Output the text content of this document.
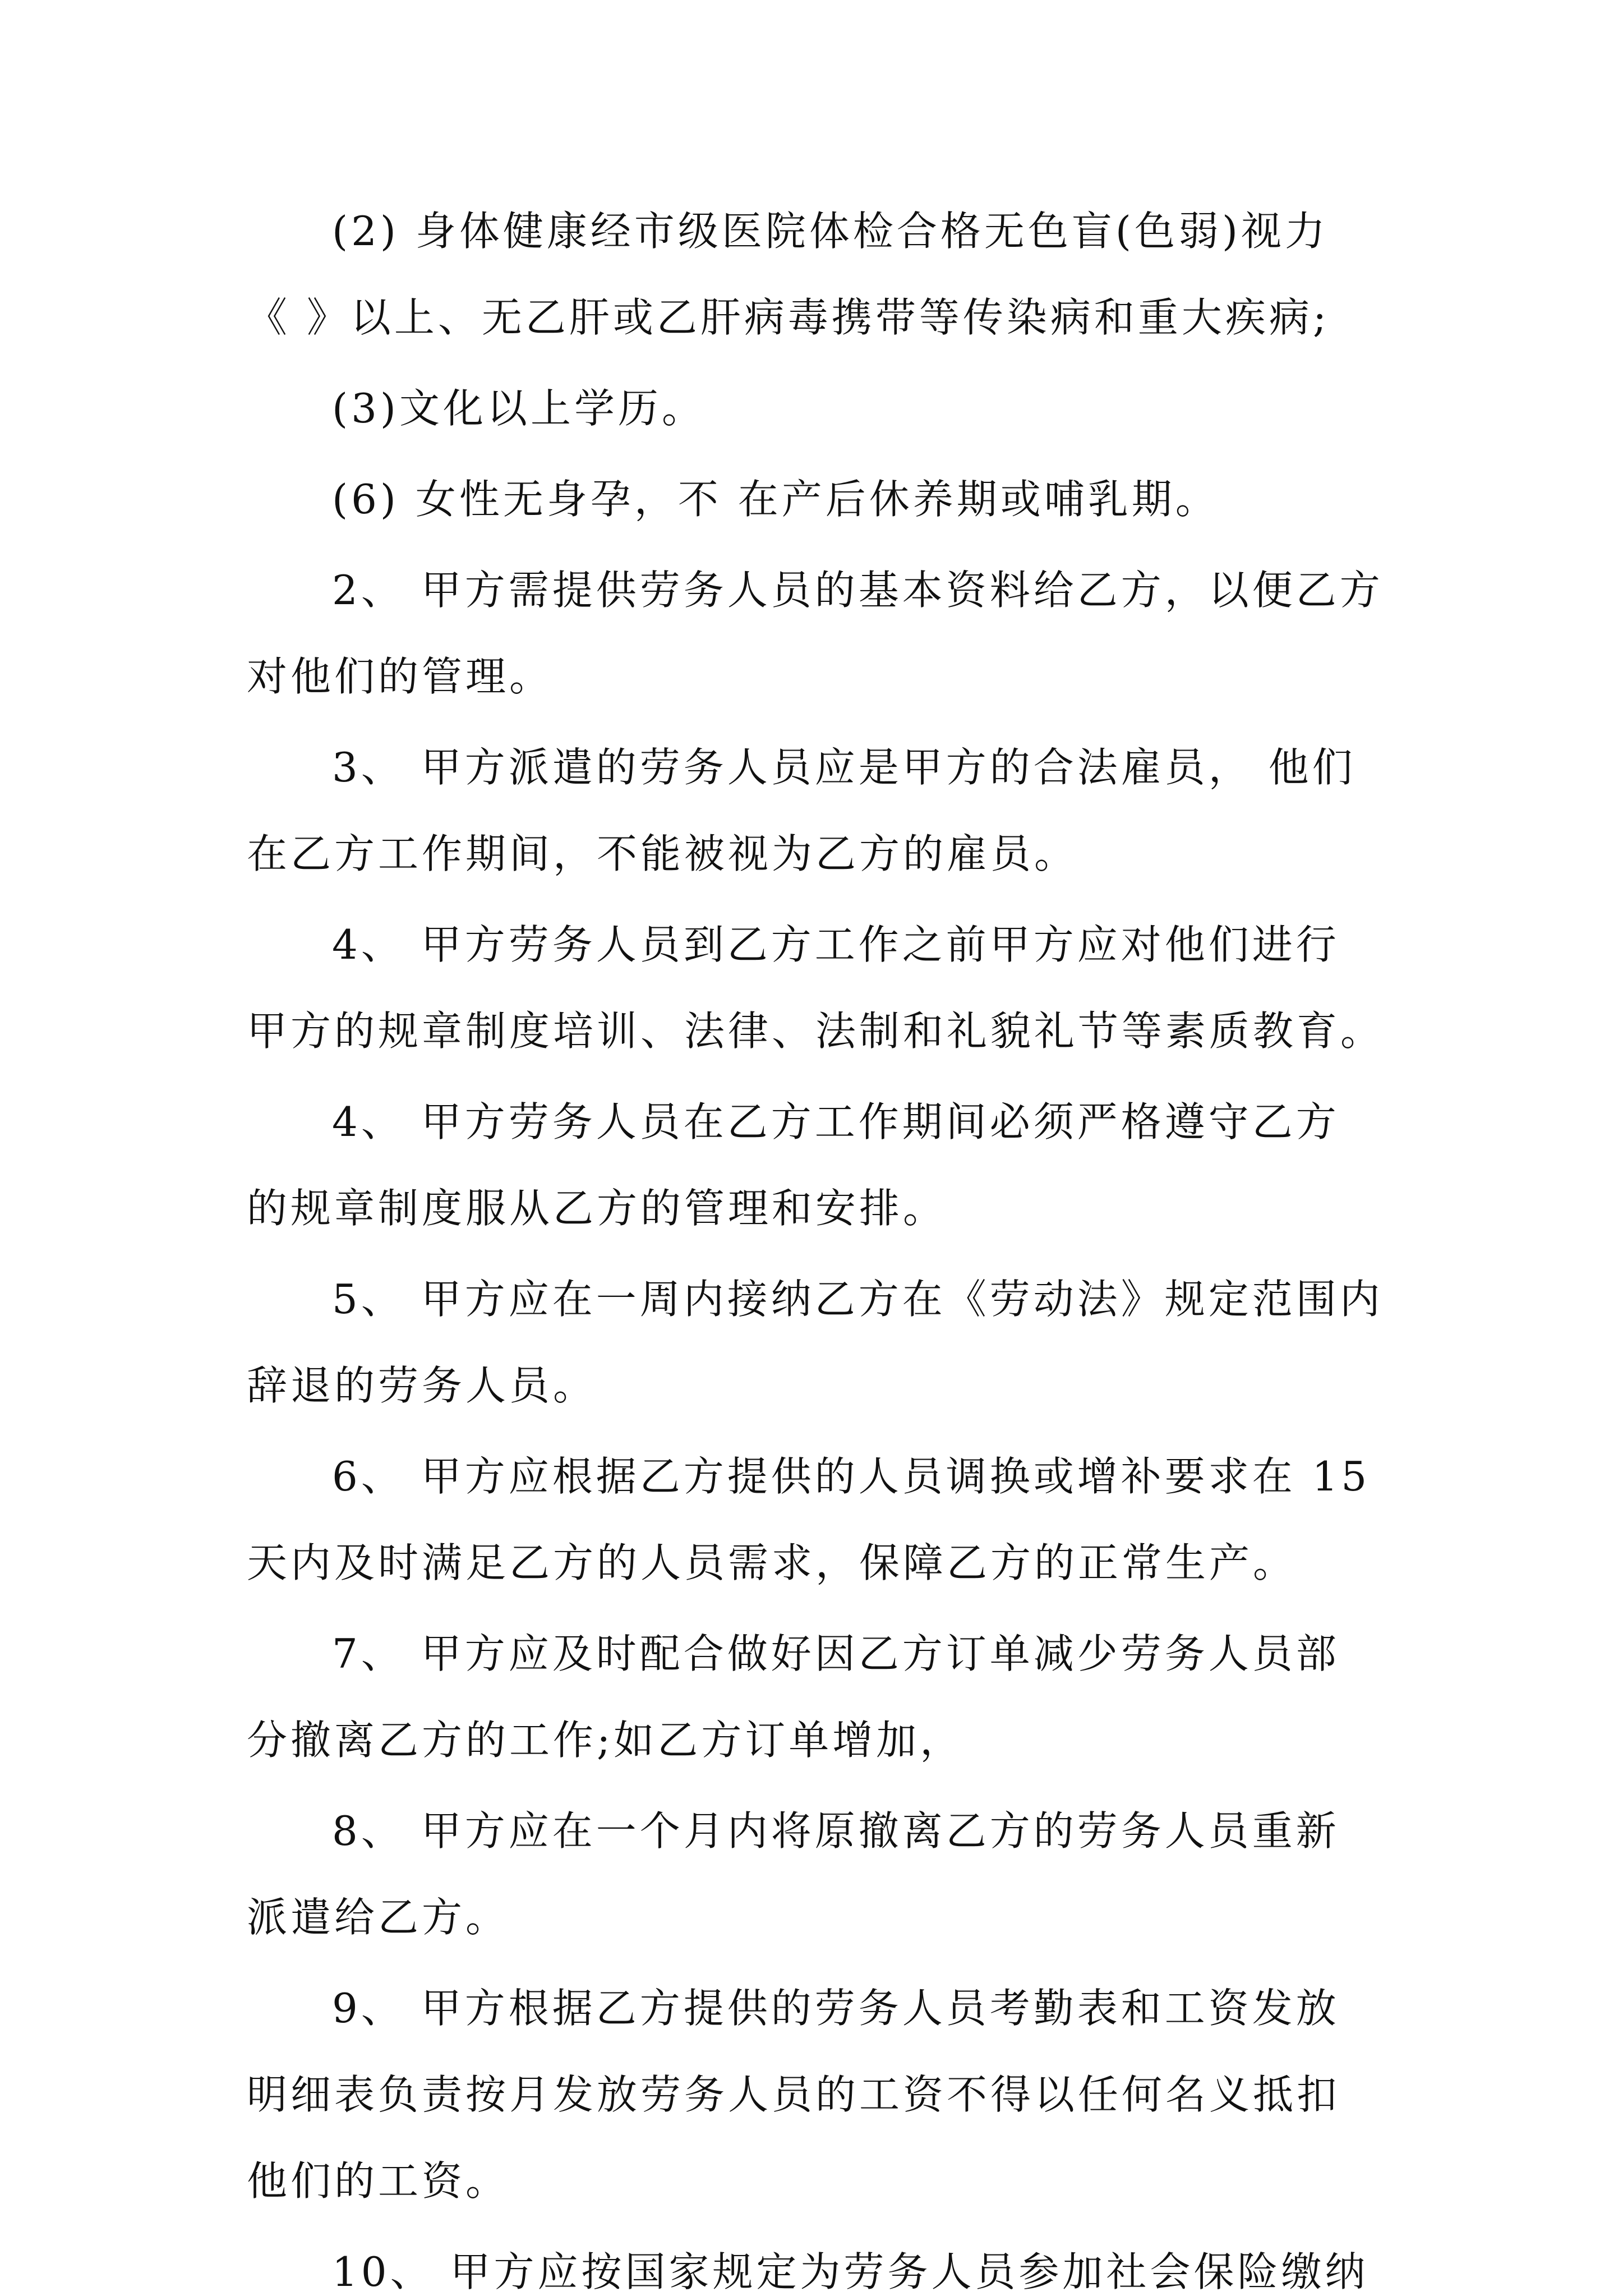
(2) 身体健康经市级医院体检合格无色盲(色弱)视力
《 》以上、无乙肝或乙肝病毒携带等传染病和重大疾病;
(3)文化以上学历。
(6) 女性无身孕，不 在产后休养期或哺乳期。
2、 甲方需提供劳务人员的基本资料给乙方，以便乙方
对他们的管理。
3、 甲方派遣的劳务人员应是甲方的合法雇员， 他们
在乙方工作期间，不能被视为乙方的雇员。
4、 甲方劳务人员到乙方工作之前甲方应对他们进行
甲方的规章制度培训、法律、法制和礼貌礼节等素质教育。
4、 甲方劳务人员在乙方工作期间必须严格遵守乙方
的规章制度服从乙方的管理和安排。
5、 甲方应在一周内接纳乙方在《劳动法》规定范围内
辞退的劳务人员。
6、 甲方应根据乙方提供的人员调换或增补要求在 15
天内及时满足乙方的人员需求，保障乙方的正常生产。
7、 甲方应及时配合做好因乙方订单减少劳务人员部
分撤离乙方的工作;如乙方订单增加，
8、 甲方应在一个月内将原撤离乙方的劳务人员重新
派遣给乙方。
9、 甲方根据乙方提供的劳务人员考勤表和工资发放
明细表负责按月发放劳务人员的工资不得以任何名义抵扣
他们的工资。
10、 甲方应按国家规定为劳务人员参加社会保险缴纳
